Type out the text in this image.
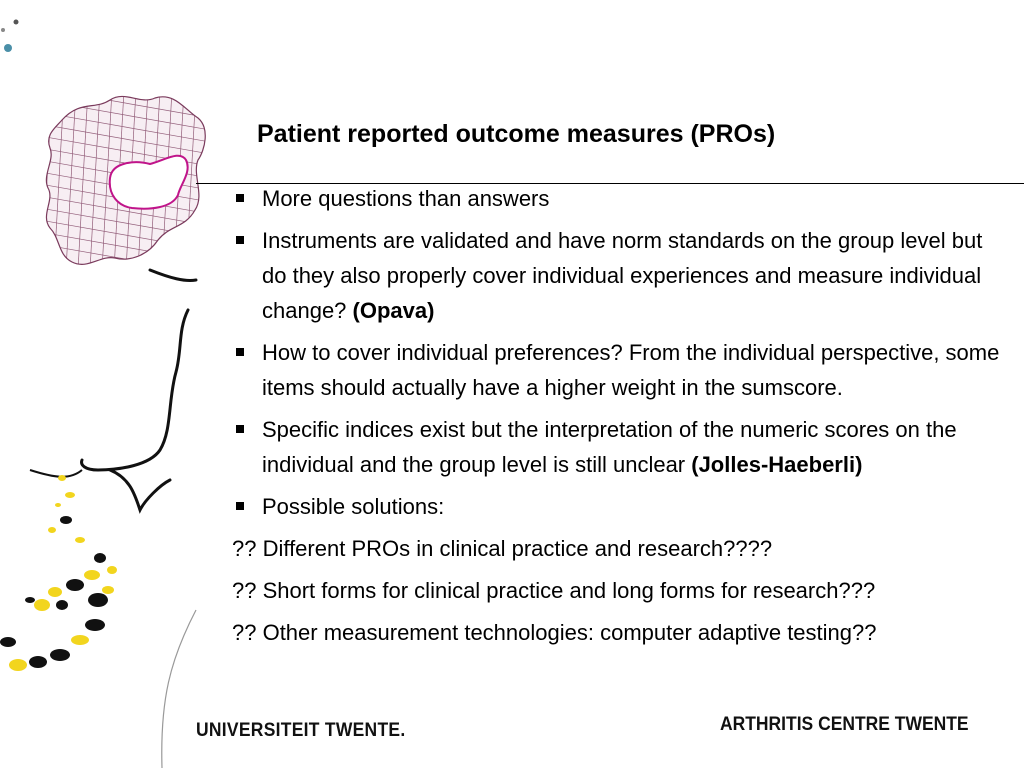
Patient reported outcome measures (PROs)
More questions than answers
Instruments are validated and have norm standards on the group level but do they also properly cover individual experiences and measure individual change? (Opava)
How to cover individual preferences? From the individual perspective, some items should actually have a higher weight in the sumscore.
Specific indices exist but the interpretation of the numeric scores on the individual and the group level is still unclear (Jolles-Haeberli)
Possible solutions:
?? Different PROs in clinical practice and research????
?? Short forms for clinical practice and long forms for research???
?? Other measurement technologies: computer adaptive testing??
UNIVERSITEIT TWENTE.	ARTHRITIS CENTRE TWENTE
